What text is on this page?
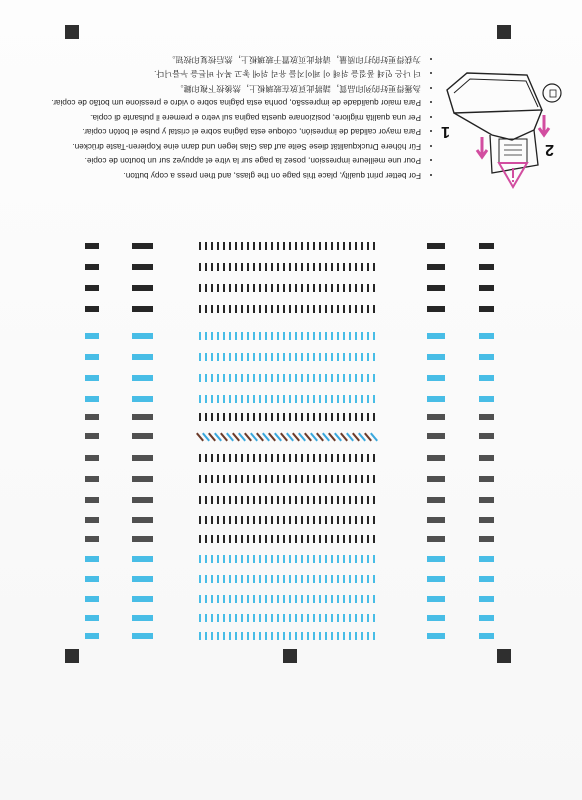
• For better print quality, place this page on the glass, and then press a copy button.
• Pour une meilleure impression, posez la page sur la vitre et appuyez sur un bouton de copie.
• Für höhere Druckqualität diese Seite auf das Glas legen und dann eine Kopieren-Taste drücken.
• Para mayor calidad de impresión, coloque esta página sobre el cristal y pulse el botón copiar.
• Per una qualità migliore, posizionare questa pagina sul vetro e premere il pulsante di copia.
• Para maior qualidade de impressão, ponha esta página sobre o vidro e pressione um botão de copiar.
• 為獲得更好的列印品質，請將此頁放在玻璃板上，然後按下複印鍵。
• 더 나은 인쇄 품질을 위해 이 페이지를 유리 위에 놓고 복사 버튼을 누릅니다.
• 为获得更好的打印质量，请将此页放置于玻璃板上，然后按复印按钮。
1
2
